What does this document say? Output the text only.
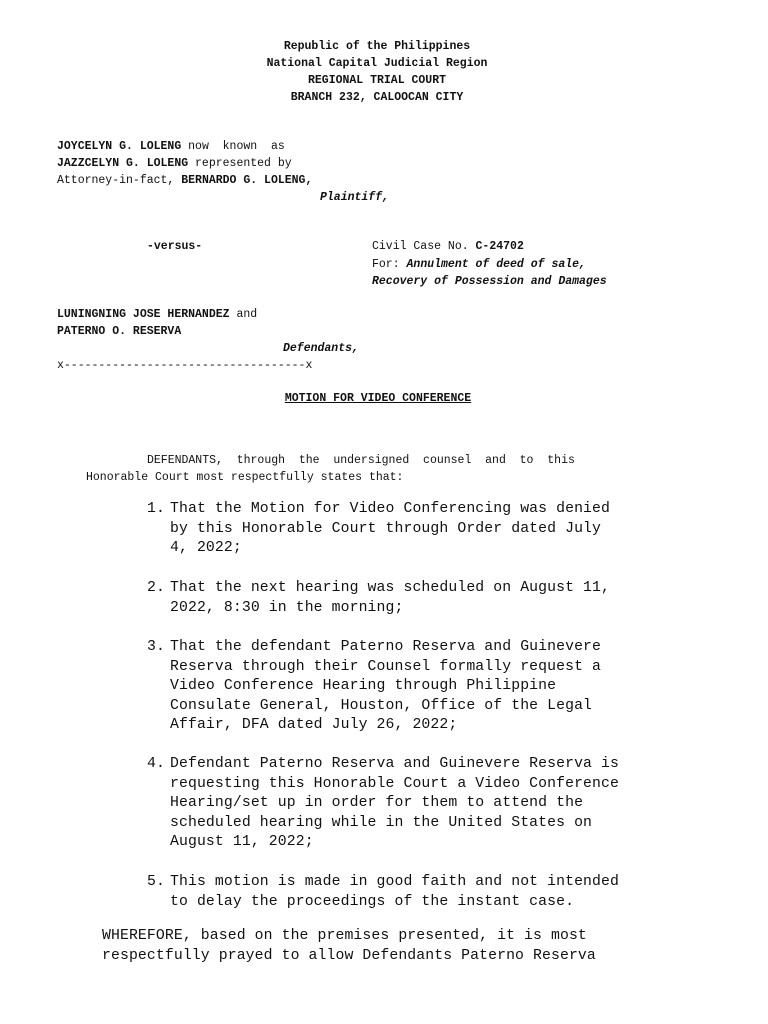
Republic of the Philippines
National Capital Judicial Region
REGIONAL TRIAL COURT
BRANCH 232, CALOOCAN CITY
JOYCELYN G. LOLENG now  known  as
JAZZCELYN G. LOLENG represented by
Attorney-in-fact, BERNARDO G. LOLENG,
Plaintiff,
-versus-	Civil Case No. C-24702
For: Annulment of deed of sale,
Recovery of Possession and Damages
LUNINGNING JOSE HERNANDEZ and
PATERNO O. RESERVA
Defendants,
x-----------------------------------x
MOTION FOR VIDEO CONFERENCE
DEFENDANTS,  through  the  undersigned  counsel  and  to  this
Honorable Court most respectfully states that:
1. That the Motion for Video Conferencing was denied
by this Honorable Court through Order dated July
4, 2022;
2. That the next hearing was scheduled on August 11,
2022, 8:30 in the morning;
3. That the defendant Paterno Reserva and Guinevere
Reserva through their Counsel formally request a
Video Conference Hearing through Philippine
Consulate General, Houston, Office of the Legal
Affair, DFA dated July 26, 2022;
4. Defendant Paterno Reserva and Guinevere Reserva is
requesting this Honorable Court a Video Conference
Hearing/set up in order for them to attend the
scheduled hearing while in the United States on
August 11, 2022;
5. This motion is made in good faith and not intended
to delay the proceedings of the instant case.
WHEREFORE, based on the premises presented, it is most
respectfully prayed to allow Defendants Paterno Reserva
